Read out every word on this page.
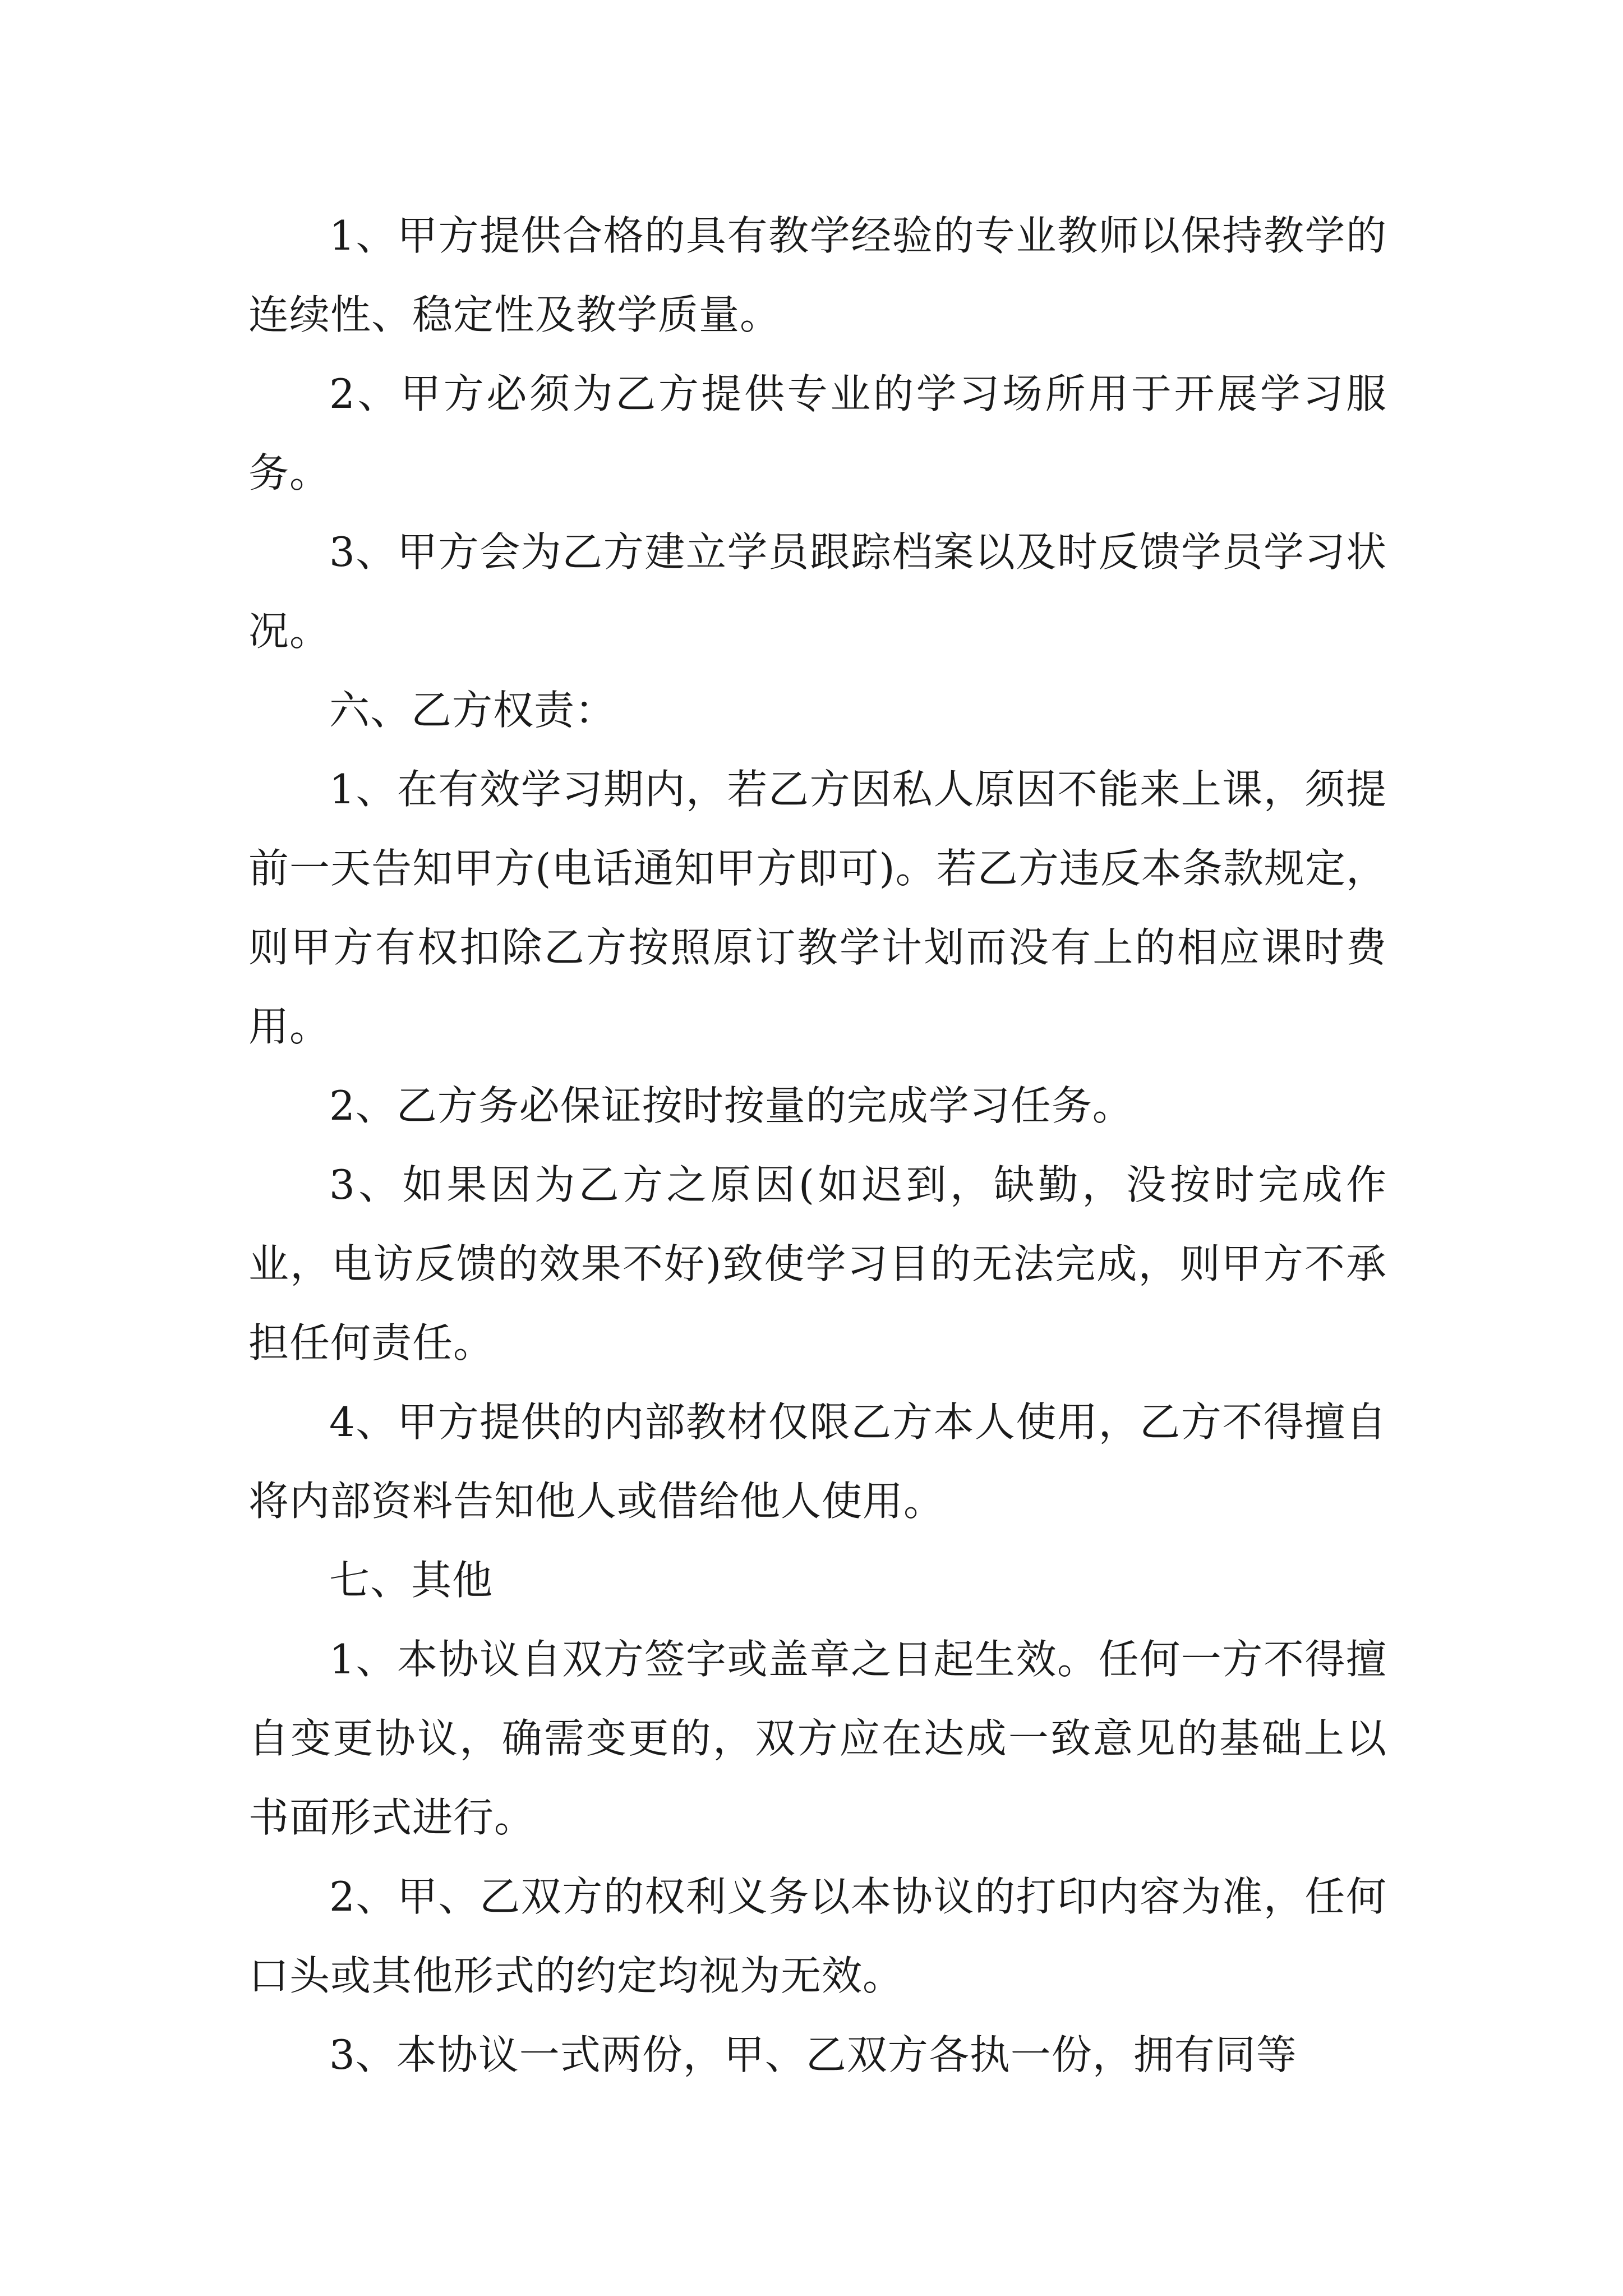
1、甲方提供合格的具有教学经验的专业教师以保持教学的连续性、稳定性及教学质量。

2、甲方必须为乙方提供专业的学习场所用于开展学习服务。

3、甲方会为乙方建立学员跟踪档案以及时反馈学员学习状况。

六、乙方权责：

1、在有效学习期内，若乙方因私人原因不能来上课，须提前一天告知甲方(电话通知甲方即可)。若乙方违反本条款规定，则甲方有权扣除乙方按照原订教学计划而没有上的相应课时费用。

2、乙方务必保证按时按量的完成学习任务。

3、如果因为乙方之原因(如迟到，缺勤，没按时完成作业，电访反馈的效果不好)致使学习目的无法完成，则甲方不承担任何责任。

4、甲方提供的内部教材仅限乙方本人使用，乙方不得擅自将内部资料告知他人或借给他人使用。

七、其他

1、本协议自双方签字或盖章之日起生效。任何一方不得擅自变更协议，确需变更的，双方应在达成一致意见的基础上以书面形式进行。

2、甲、乙双方的权利义务以本协议的打印内容为准，任何口头或其他形式的约定均视为无效。

3、本协议一式两份，甲、乙双方各执一份，拥有同等
